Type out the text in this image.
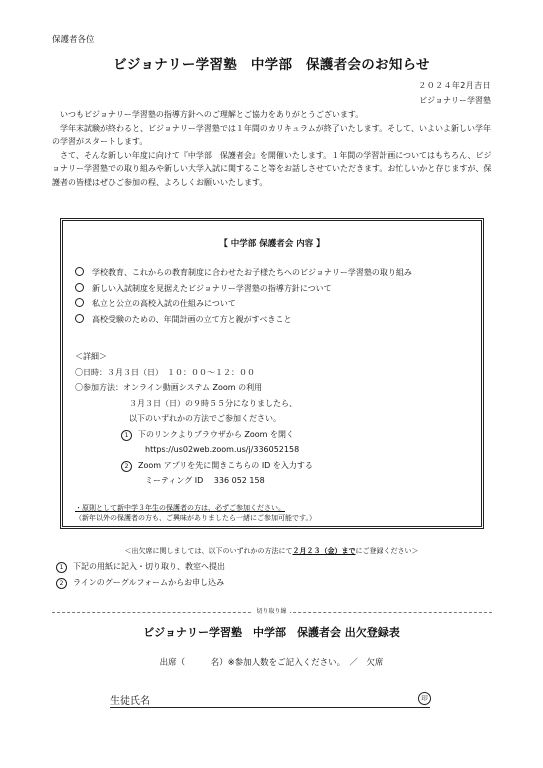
保護者各位
ビジョナリー学習塾　中学部　保護者会のお知らせ
２０２４年2月吉日
ビジョナリー学習塾

いつもビジョナリー学習塾の指導方針へのご理解とご協力をありがとうございます。

学年末試験が終わると、ビジョナリー学習塾では１年間のカリキュラムが終了いたします。そして、いよいよ新しい学年の学習がスタートします。

さて、そんな新しい年度に向けて『中学部　保護者会』を開催いたします。１年間の学習計画についてはもちろん、ビジョナリー学習塾での取り組みや新しい大学入試に関すること等をお話しさせていただきます。お忙しいかと存じますが、保護者の皆様はぜひご参加の程、よろしくお願いいたします。

【 中学部 保護者会 内容 】
学校教育、これからの教育制度に合わせたお子様たちへのビジョナリー学習塾の取り組み
新しい入試制度を見据えたビジョナリー学習塾の指導方針について
私立と公立の高校入試の仕組みについて
高校受験のための、年間計画の立て方と親がすべきこと
＜詳細＞
〇日時：３月３日（日）　１０：００～１２：００
〇参加方法：オンライン動画システム Zoom の利用
３月３日（日）の９時５５分になりましたら、
以下のいずれかの方法でご参加ください。
1 下のリンクよりブラウザから Zoom を開く
https://us02web.zoom.us/j/336052158
2 Zoom アプリを先に開きこちらの ID を入力する
ミーティング ID　 336 052 158
・原則として新中学３年生の保護者の方は、必ずご参加ください。
（新年以外の保護者の方も、ご興味がありましたら一緒にご参加可能です。）
＜出欠席に関しましては、以下のいずれかの方法にて２月２３（金）までにご登録ください＞
1 下記の用紙に記入・切り取り、教室へ提出
2 ラインのグーグルフォームからお申し込み
切り取り線
ビジョナリー学習塾　中学部　保護者会 出欠登録表
出席（　　　名）※参加人数をご記入ください。　／　欠席
生徒氏名	印
